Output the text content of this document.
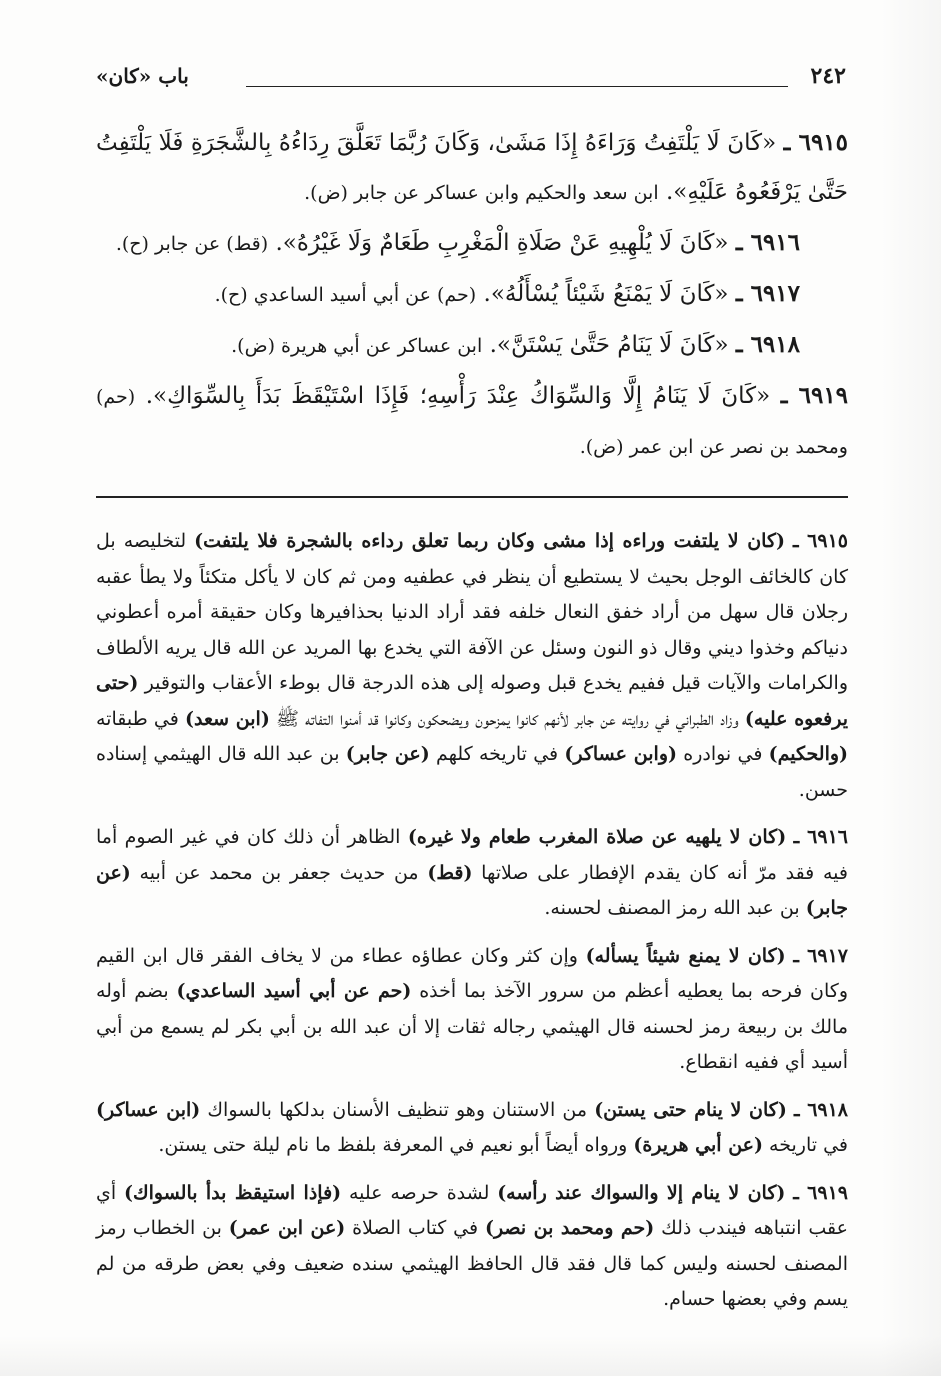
٢٤٢
باب «كان»

٦٩١٥ ـ «كَانَ لَا يَلْتَفِتُ وَرَاءَهُ إِذَا مَشَىٰ، وَكَانَ رُبَّمَا تَعَلَّقَ رِدَاءُهُ بِالشَّجَرَةِ فَلَا يَلْتَفِتُ حَتَّىٰ يَرْفَعُوهُ عَلَيْهِ». ابن سعد والحكيم وابن عساكر عن جابر (ض).

٦٩١٦ ـ «كَانَ لَا يُلْهِيهِ عَنْ صَلَاةِ الْمَغْرِبِ طَعَامٌ وَلَا غَيْرُهُ». (قط) عن جابر (ح).

٦٩١٧ ـ «كَانَ لَا يَمْنَعُ شَيْئاً يُسْأَلُهُ». (حم) عن أبي أسيد الساعدي (ح).

٦٩١٨ ـ «كَانَ لَا يَنَامُ حَتَّىٰ يَسْتَنَّ». ابن عساكر عن أبي هريرة (ض).

٦٩١٩ ـ «كَانَ لَا يَنَامُ إِلَّا وَالسِّوَاكُ عِنْدَ رَأْسِهِ؛ فَإِذَا اسْتَيْقَظَ بَدَأَ بِالسِّوَاكِ». (حم) ومحمد بن نصر عن ابن عمر (ض).

٦٩١٥ ـ (كان لا يلتفت وراءه إذا مشى وكان ربما تعلق رداءه بالشجرة فلا يلتفت) لتخليصه بل كان كالخائف الوجل بحيث لا يستطيع أن ينظر في عطفيه ومن ثم كان لا يأكل متكئاً ولا يطأ عقبه رجلان قال سهل من أراد خفق النعال خلفه فقد أراد الدنيا بحذافيرها وكان حقيقة أمره أعطوني دنياكم وخذوا ديني وقال ذو النون وسئل عن الآفة التي يخدع بها المريد عن الله قال يريه الألطاف والكرامات والآيات قيل ففيم يخدع قبل وصوله إلى هذه الدرجة قال بوطء الأعقاب والتوقير (حتى يرفعوه عليه) وزاد الطبراني في روايته عن جابر لأنهم كانوا يمزحون ويضحكون وكانوا قد أمنوا التفاته ﷺ (ابن سعد) في طبقاته (والحكيم) في نوادره (وابن عساكر) في تاريخه كلهم (عن جابر) بن عبد الله قال الهيثمي إسناده حسن.

٦٩١٦ ـ (كان لا يلهيه عن صلاة المغرب طعام ولا غيره) الظاهر أن ذلك كان في غير الصوم أما فيه فقد مرّ أنه كان يقدم الإفطار على صلاتها (قط) من حديث جعفر بن محمد عن أبيه (عن جابر) بن عبد الله رمز المصنف لحسنه.

٦٩١٧ ـ (كان لا يمنع شيئاً يسأله) وإن كثر وكان عطاؤه عطاء من لا يخاف الفقر قال ابن القيم وكان فرحه بما يعطيه أعظم من سرور الآخذ بما أخذه (حم عن أبي أسيد الساعدي) بضم أوله مالك بن ربيعة رمز لحسنه قال الهيثمي رجاله ثقات إلا أن عبد الله بن أبي بكر لم يسمع من أبي أسيد أي ففيه انقطاع.

٦٩١٨ ـ (كان لا ينام حتى يستن) من الاستنان وهو تنظيف الأسنان بدلكها بالسواك (ابن عساكر) في تاريخه (عن أبي هريرة) ورواه أيضاً أبو نعيم في المعرفة بلفظ ما نام ليلة حتى يستن.

٦٩١٩ ـ (كان لا ينام إلا والسواك عند رأسه) لشدة حرصه عليه (فإذا استيقظ بدأ بالسواك) أي عقب انتباهه فيندب ذلك (حم ومحمد بن نصر) في كتاب الصلاة (عن ابن عمر) بن الخطاب رمز المصنف لحسنه وليس كما قال فقد قال الحافظ الهيثمي سنده ضعيف وفي بعض طرقه من لم يسم وفي بعضها حسام.
